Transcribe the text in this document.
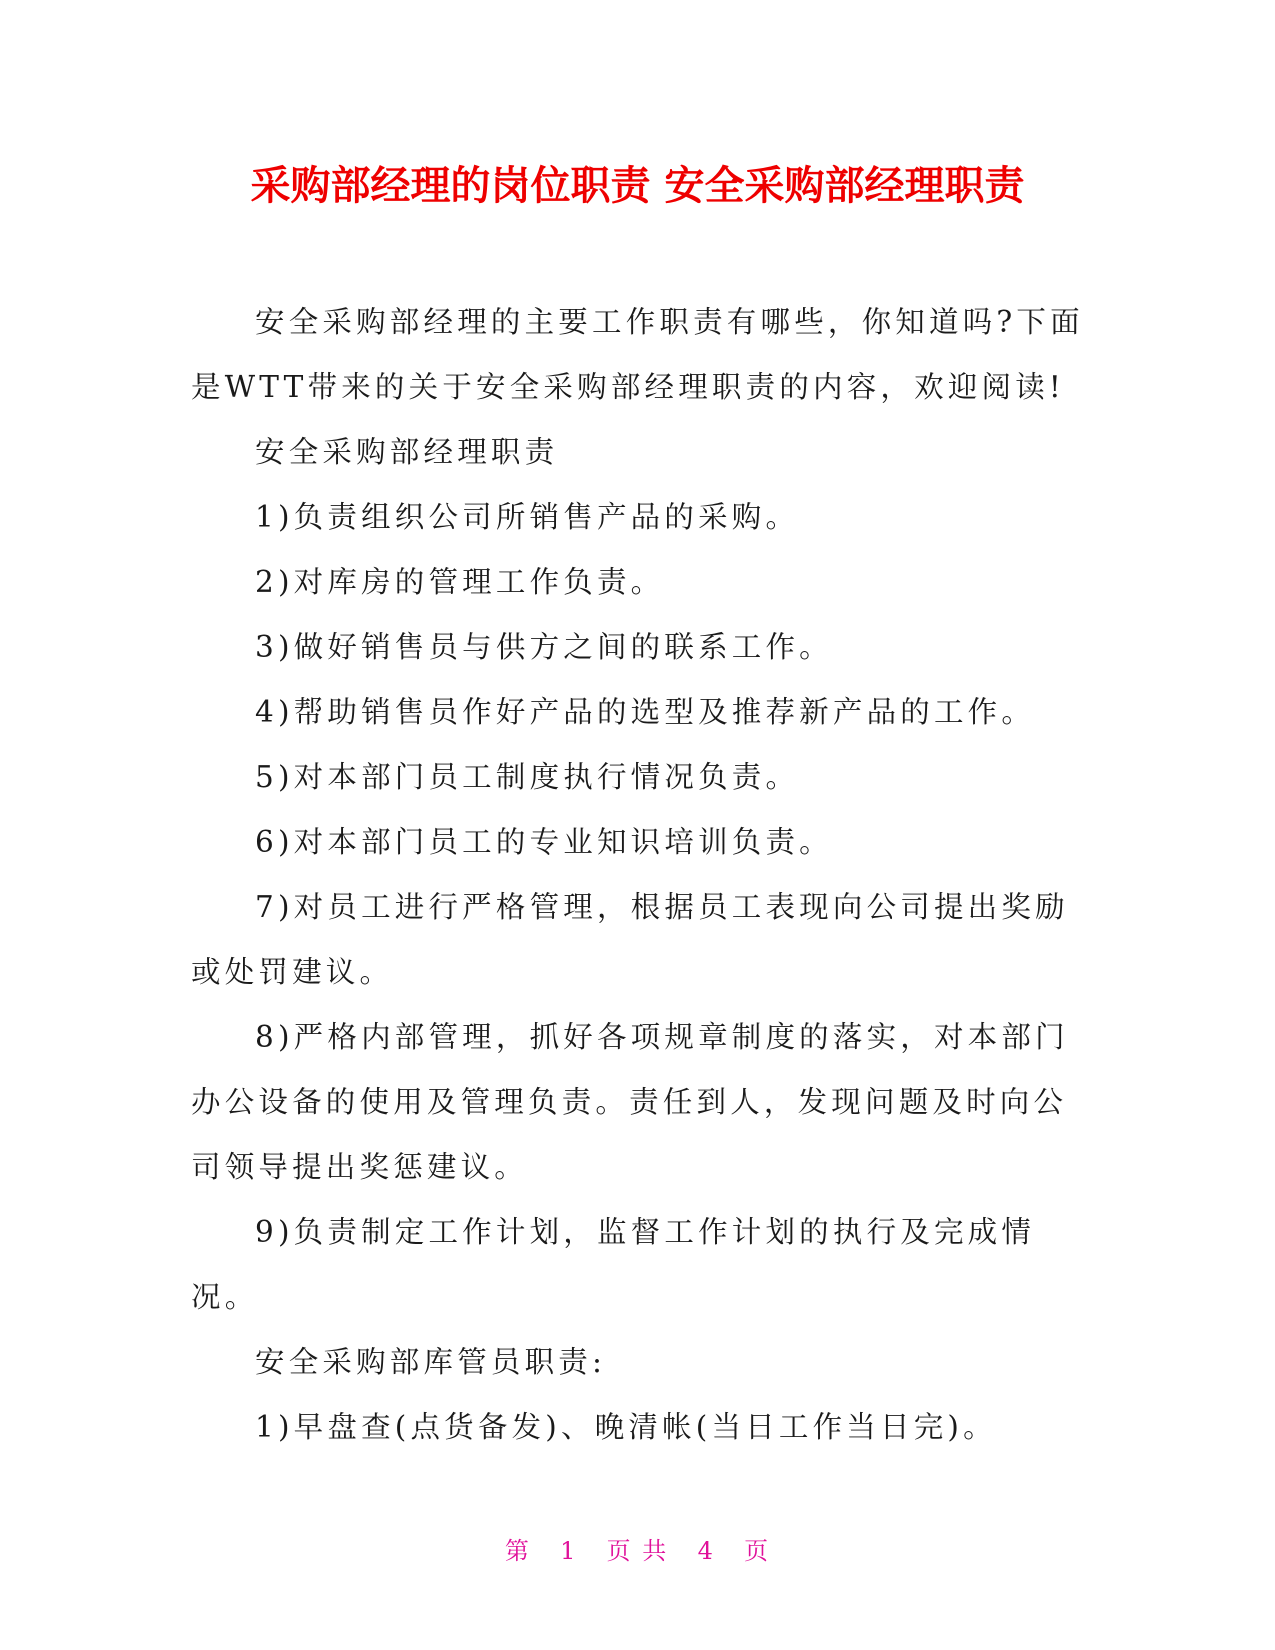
采购部经理的岗位职责 安全采购部经理职责

安全采购部经理的主要工作职责有哪些，你知道吗?下面是WTT带来的关于安全采购部经理职责的内容，欢迎阅读!

安全采购部经理职责

1)负责组织公司所销售产品的采购。

2)对库房的管理工作负责。

3)做好销售员与供方之间的联系工作。

4)帮助销售员作好产品的选型及推荐新产品的工作。

5)对本部门员工制度执行情况负责。

6)对本部门员工的专业知识培训负责。

7)对员工进行严格管理，根据员工表现向公司提出奖励或处罚建议。

8)严格内部管理，抓好各项规章制度的落实，对本部门办公设备的使用及管理负责。责任到人，发现问题及时向公司领导提出奖惩建议。

9)负责制定工作计划，监督工作计划的执行及完成情况。

安全采购部库管员职责:

1)早盘查(点货备发)、晚清帐(当日工作当日完)。

第 1 页 共 4 页
